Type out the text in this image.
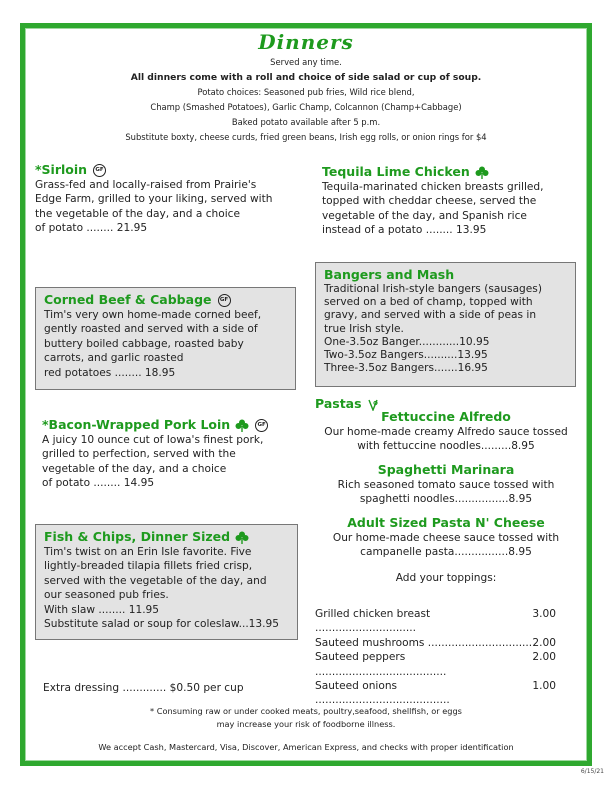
Dinners
Served any time.
All dinners come with a roll and choice of side salad or cup of soup.
Potato choices: Seasoned pub fries, Wild rice blend,
Champ (Smashed Potatoes), Garlic Champ, Colcannon (Champ+Cabbage)
Baked potato available after 5 p.m.
Substitute boxty, cheese curds, fried green beans, Irish egg rolls, or onion rings for $4
*Sirloin GF
Grass-fed and locally-raised from Prairie's
Edge Farm, grilled to your liking, served with
the vegetable of the day, and a choice
of potato ........ 21.95
Tequila Lime Chicken
Tequila-marinated chicken breasts grilled,
topped with cheddar cheese, served the
vegetable of the day, and Spanish rice
instead of a potato ........ 13.95
Corned Beef & Cabbage GF
Tim's very own home-made corned beef,
gently roasted and served with a side of
buttery boiled cabbage, roasted baby
carrots, and garlic roasted
red potatoes ........ 18.95
Bangers and Mash
Traditional Irish-style bangers (sausages)
served on a bed of champ, topped with
gravy, and served with a side of peas in
true Irish style.
One-3.5oz Banger............10.95
Two-3.5oz Bangers..........13.95
Three-3.5oz Bangers.......16.95
*Bacon-Wrapped Pork Loin	GF
A juicy 10 ounce cut of Iowa's finest pork,
grilled to perfection, served with the
vegetable of the day, and a choice
of potato ........ 14.95
Pastas
Fettuccine Alfredo
Our home-made creamy Alfredo sauce tossed
with fettuccine noodles.........8.95
Spaghetti Marinara
Rich seasoned tomato sauce tossed with
spaghetti noodles................8.95
Adult Sized Pasta N' Cheese
Our home-made cheese sauce tossed with
campanelle pasta................8.95
Add your toppings:
Grilled chicken breast ..............................
3.00
Sauteed mushrooms ............................... 2.00
Sauteed peppers .......................................
2.00
Sauteed onions ........................................
1.00
Fish & Chips, Dinner Sized
Tim's twist on an Erin Isle favorite. Five
lightly-breaded tilapia fillets fried crisp,
served with the vegetable of the day, and
our seasoned pub fries.
With slaw ........ 11.95
Substitute salad or soup for coleslaw...13.95
Extra dressing ............. $0.50 per cup
* Consuming raw or under cooked meats, poultry,seafood, shellfish, or eggs
may increase your risk of foodborne illness.
We accept Cash, Mastercard, Visa, Discover, American Express, and checks with proper identification
6/15/21
